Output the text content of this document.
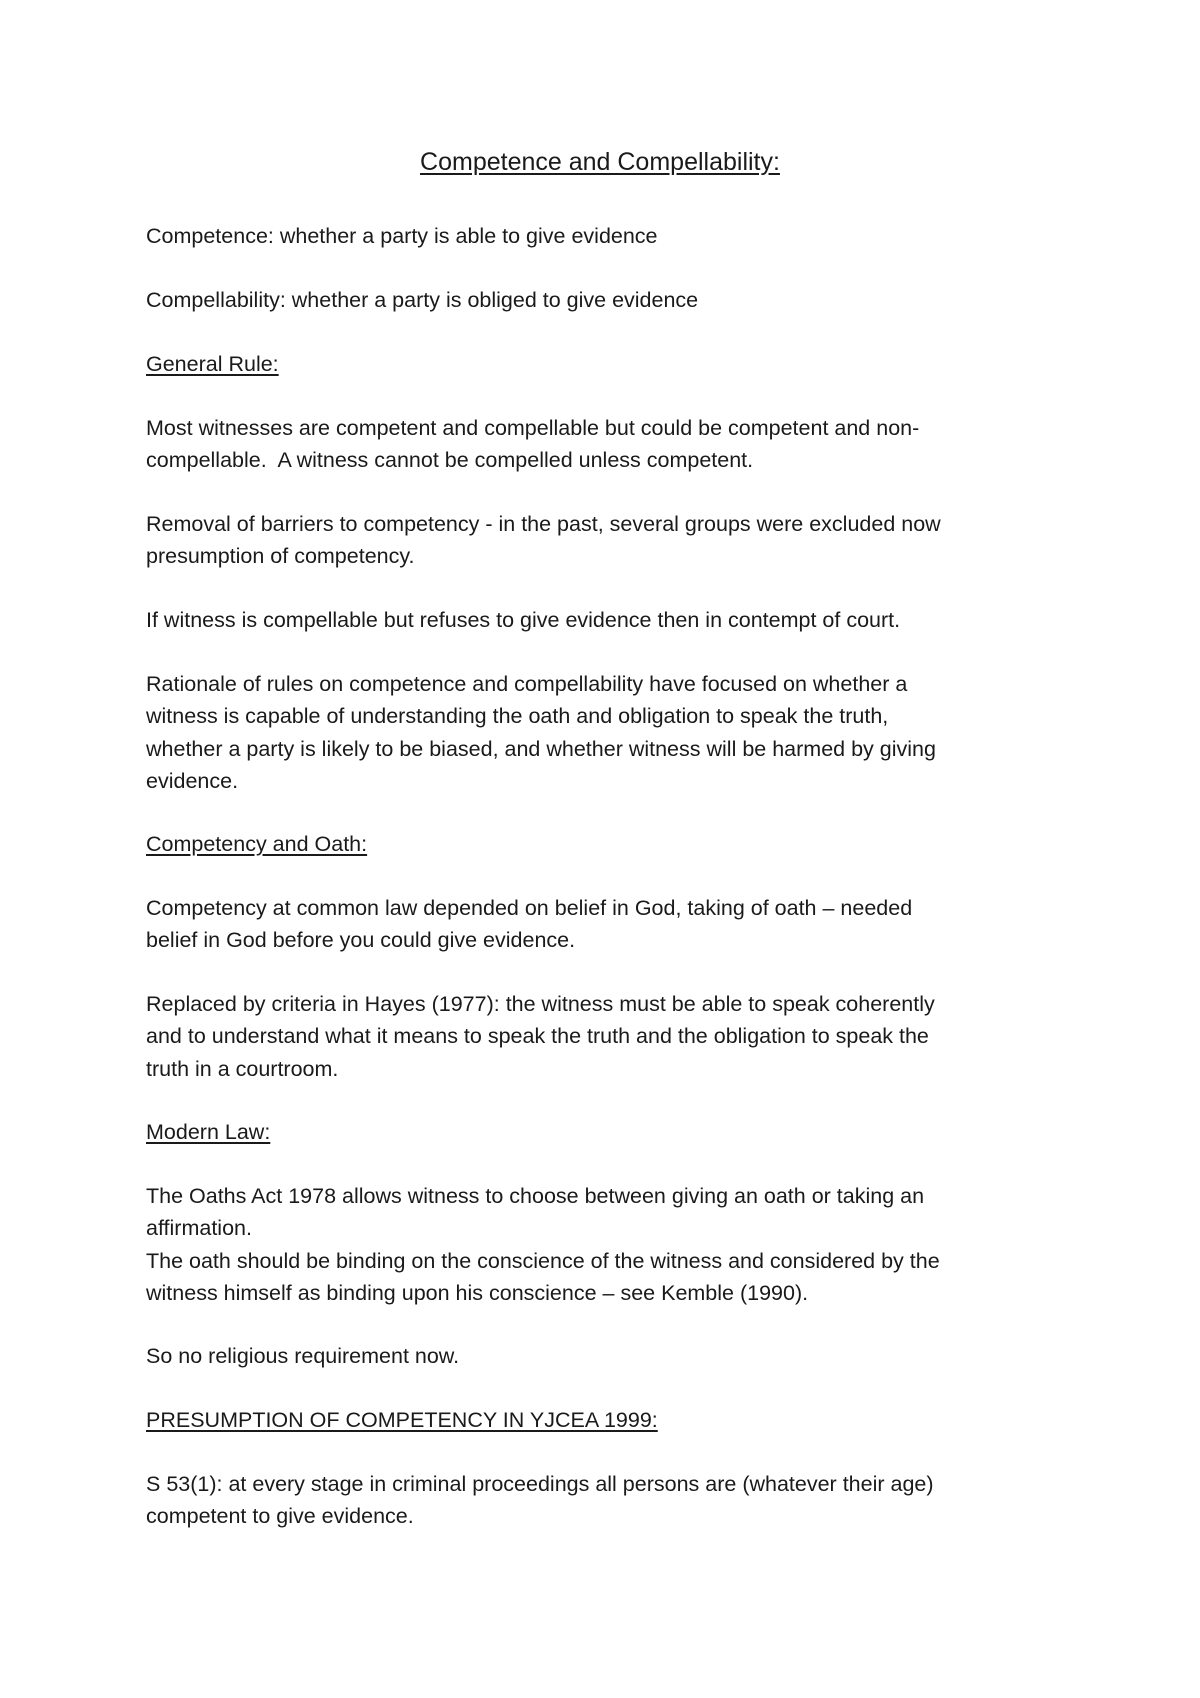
Competence and Compellability:

Competence: whether a party is able to give evidence

Compellability: whether a party is obliged to give evidence

General Rule:

Most witnesses are competent and compellable but could be competent and non-
compellable.  A witness cannot be compelled unless competent.

Removal of barriers to competency - in the past, several groups were excluded now
presumption of competency.

If witness is compellable but refuses to give evidence then in contempt of court.

Rationale of rules on competence and compellability have focused on whether a
witness is capable of understanding the oath and obligation to speak the truth,
whether a party is likely to be biased, and whether witness will be harmed by giving
evidence.

Competency and Oath:

Competency at common law depended on belief in God, taking of oath – needed
belief in God before you could give evidence.

Replaced by criteria in Hayes (1977): the witness must be able to speak coherently
and to understand what it means to speak the truth and the obligation to speak the
truth in a courtroom.

Modern Law:

The Oaths Act 1978 allows witness to choose between giving an oath or taking an
affirmation.
The oath should be binding on the conscience of the witness and considered by the
witness himself as binding upon his conscience – see Kemble (1990).

So no religious requirement now.

PRESUMPTION OF COMPETENCY IN YJCEA 1999:

S 53(1): at every stage in criminal proceedings all persons are (whatever their age)
competent to give evidence.
